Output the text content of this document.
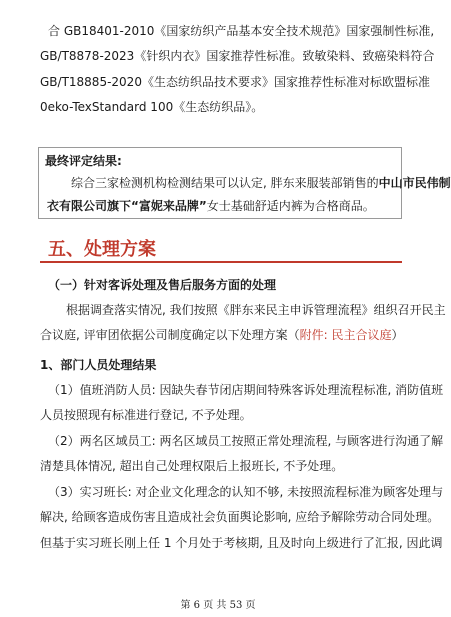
合 GB18401-2010《国家纺织产品基本安全技术规范》国家强制性标准,
GB/T8878-2023《针织内衣》国家推荐性标准。致敏染料、致癌染料符合
GB/T18885-2020《生态纺织品技术要求》国家推荐性标准对标欧盟标准
0eko-TexStandard 100《生态纺织品》。
最终评定结果:
综合三家检测机构检测结果可以认定, 胖东来服装部销售的中山市民伟制
衣有限公司旗下“富妮来品牌”女士基础舒适内裤为合格商品。
五、处理方案
（一）针对客诉处理及售后服务方面的处理
根据调查落实情况, 我们按照《胖东来民主申诉管理流程》组织召开民主
合议庭, 评审团依据公司制度确定以下处理方案（附件: 民主合议庭）
1、部门人员处理结果
（1）值班消防人员: 因缺失春节闭店期间特殊客诉处理流程标准, 消防值班
人员按照现有标准进行登记, 不予处理。
（2）两名区域员工: 两名区域员工按照正常处理流程, 与顾客进行沟通了解
清楚具体情况, 超出自己处理权限后上报班长, 不予处理。
（3）实习班长: 对企业文化理念的认知不够, 未按照流程标准为顾客处理与
解决, 给顾客造成伤害且造成社会负面舆论影响, 应给予解除劳动合同处理。
但基于实习班长刚上任 1 个月处于考核期, 且及时向上级进行了汇报, 因此调
第 6 页 共 53 页
